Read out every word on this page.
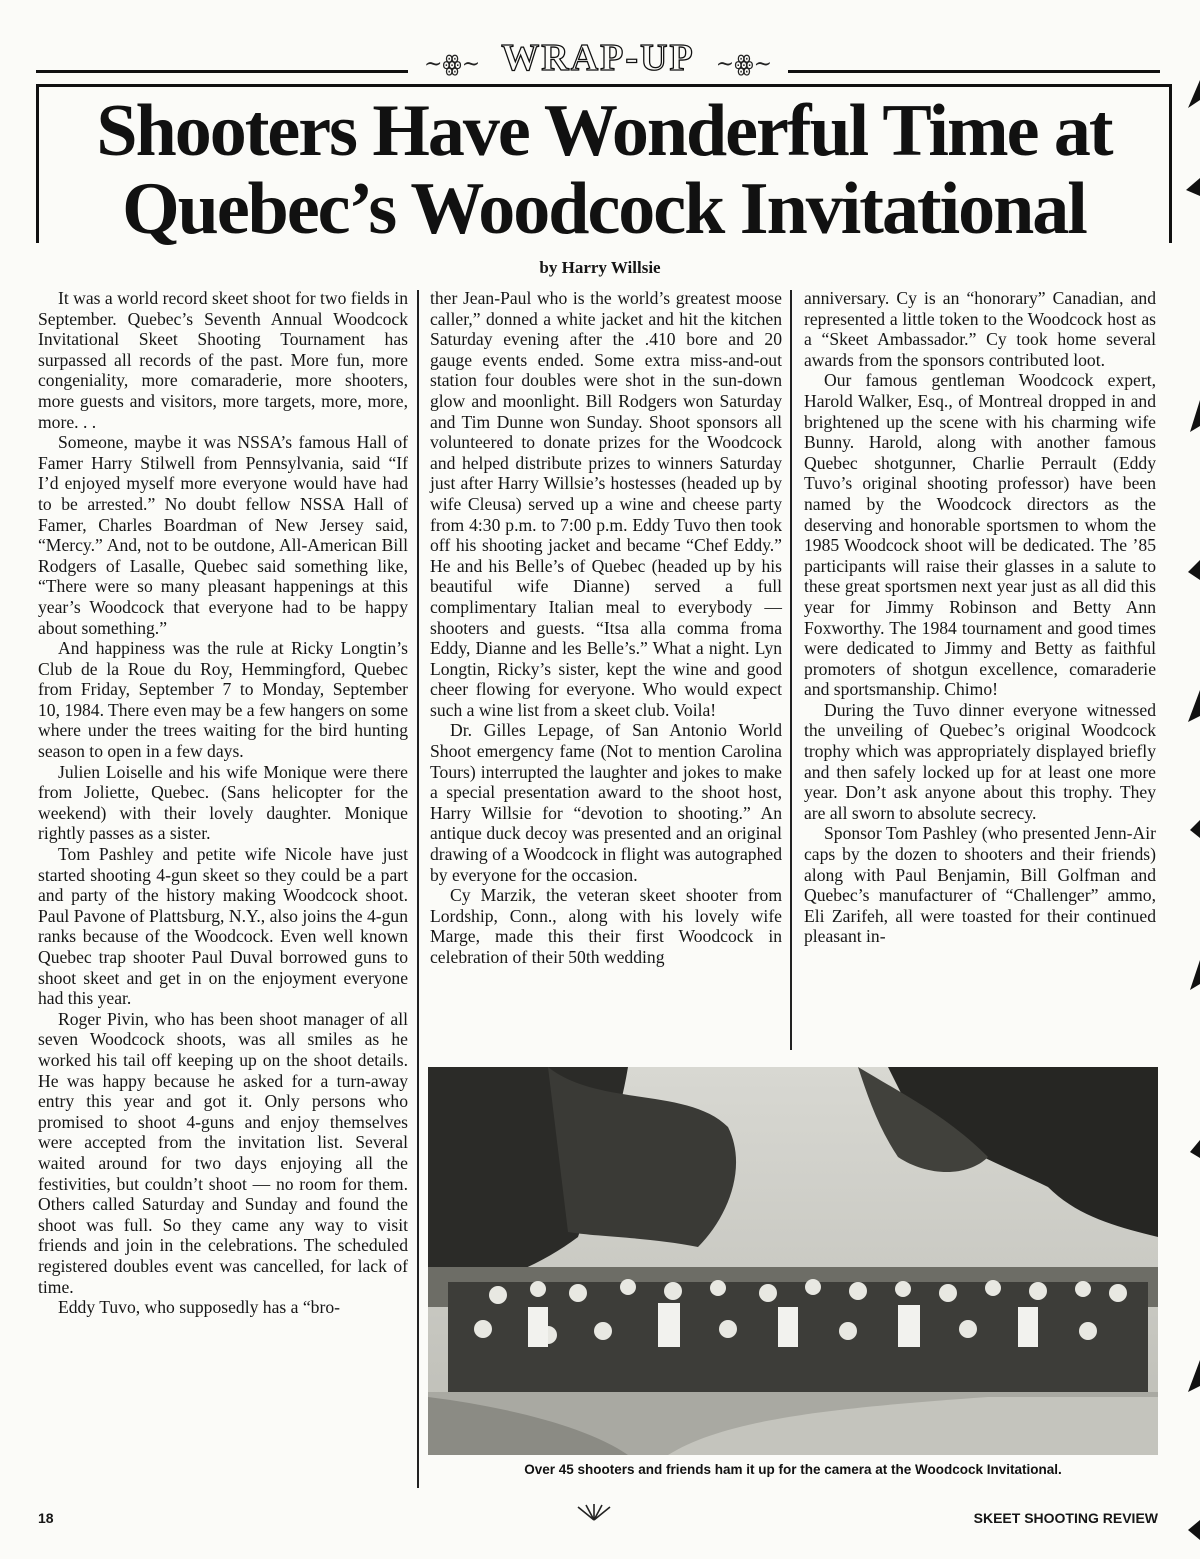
~ꙮ~ WRAP-UP ~ꙮ~
Shooters Have Wonderful Time at Quebec’s Woodcock Invitational
by Harry Willsie

It was a world record skeet shoot for two fields in September. Quebec’s Seventh Annual Woodcock Invitational Skeet Shooting Tournament has surpassed all records of the past. More fun, more congeniality, more comaraderie, more shooters, more guests and visitors, more targets, more, more, more. . .

Someone, maybe it was NSSA’s famous Hall of Famer Harry Stilwell from Pennsylvania, said “If I’d enjoyed myself more everyone would have had to be arrested.” No doubt fellow NSSA Hall of Famer, Charles Boardman of New Jersey said, “Mercy.” And, not to be outdone, All-American Bill Rodgers of Lasalle, Quebec said something like, “There were so many pleasant happenings at this year’s Woodcock that everyone had to be happy about something.”

And happiness was the rule at Ricky Longtin’s Club de la Roue du Roy, Hemmingford, Quebec from Friday, September 7 to Monday, September 10, 1984. There even may be a few hangers on some where under the trees waiting for the bird hunting season to open in a few days.

Julien Loiselle and his wife Monique were there from Joliette, Quebec. (Sans helicopter for the weekend) with their lovely daughter. Monique rightly passes as a sister.

Tom Pashley and petite wife Nicole have just started shooting 4-gun skeet so they could be a part and party of the history making Woodcock shoot. Paul Pavone of Plattsburg, N.Y., also joins the 4-gun ranks because of the Woodcock. Even well known Quebec trap shooter Paul Duval borrowed guns to shoot skeet and get in on the enjoyment everyone had this year.

Roger Pivin, who has been shoot manager of all seven Woodcock shoots, was all smiles as he worked his tail off keeping up on the shoot details. He was happy because he asked for a turn-away entry this year and got it. Only persons who promised to shoot 4-guns and enjoy themselves were accepted from the invitation list. Several waited around for two days enjoying all the festivities, but couldn’t shoot — no room for them. Others called Saturday and Sunday and found the shoot was full. So they came any way to visit friends and join in the celebrations. The scheduled registered doubles event was cancelled, for lack of time.

Eddy Tuvo, who supposedly has a “bro-

ther Jean-Paul who is the world’s greatest moose caller,” donned a white jacket and hit the kitchen Saturday evening after the .410 bore and 20 gauge events ended. Some extra miss-and-out station four doubles were shot in the sun-down glow and moonlight. Bill Rodgers won Saturday and Tim Dunne won Sunday. Shoot sponsors all volunteered to donate prizes for the Woodcock and helped distribute prizes to winners Saturday just after Harry Willsie’s hostesses (headed up by wife Cleusa) served up a wine and cheese party from 4:30 p.m. to 7:00 p.m. Eddy Tuvo then took off his shooting jacket and became “Chef Eddy.” He and his Belle’s of Quebec (headed up by his beautiful wife Dianne) served a full complimentary Italian meal to everybody — shooters and guests. “Itsa alla comma froma Eddy, Dianne and les Belle’s.” What a night. Lyn Longtin, Ricky’s sister, kept the wine and good cheer flowing for everyone. Who would expect such a wine list from a skeet club. Voila!

Dr. Gilles Lepage, of San Antonio World Shoot emergency fame (Not to mention Carolina Tours) interrupted the laughter and jokes to make a special presentation award to the shoot host, Harry Willsie for “devotion to shooting.” An antique duck decoy was presented and an original drawing of a Woodcock in flight was autographed by everyone for the occasion.

Cy Marzik, the veteran skeet shooter from Lordship, Conn., along with his lovely wife Marge, made this their first Woodcock in celebration of their 50th wedding

anniversary. Cy is an “honorary” Canadian, and represented a little token to the Woodcock host as a “Skeet Ambassador.” Cy took home several awards from the sponsors contributed loot.

Our famous gentleman Woodcock expert, Harold Walker, Esq., of Montreal dropped in and brightened up the scene with his charming wife Bunny. Harold, along with another famous Quebec shotgunner, Charlie Perrault (Eddy Tuvo’s original shooting professor) have been named by the Woodcock directors as the deserving and honorable sportsmen to whom the 1985 Woodcock shoot will be dedicated. The ’85 participants will raise their glasses in a salute to these great sportsmen next year just as all did this year for Jimmy Robinson and Betty Ann Foxworthy. The 1984 tournament and good times were dedicated to Jimmy and Betty as faithful promoters of shotgun excellence, comaraderie and sportsmanship. Chimo!

During the Tuvo dinner everyone witnessed the unveiling of Quebec’s original Woodcock trophy which was appropriately displayed briefly and then safely locked up for at least one more year. Don’t ask anyone about this trophy. They are all sworn to absolute secrecy.

Sponsor Tom Pashley (who presented Jenn-Air caps by the dozen to shooters and their friends) along with Paul Benjamin, Bill Golfman and Quebec’s manufacturer of “Challenger” ammo, Eli Zarifeh, all were toasted for their continued pleasant in-

Over 45 shooters and friends ham it up for the camera at the Woodcock Invitational.
18	SKEET SHOOTING REVIEW
